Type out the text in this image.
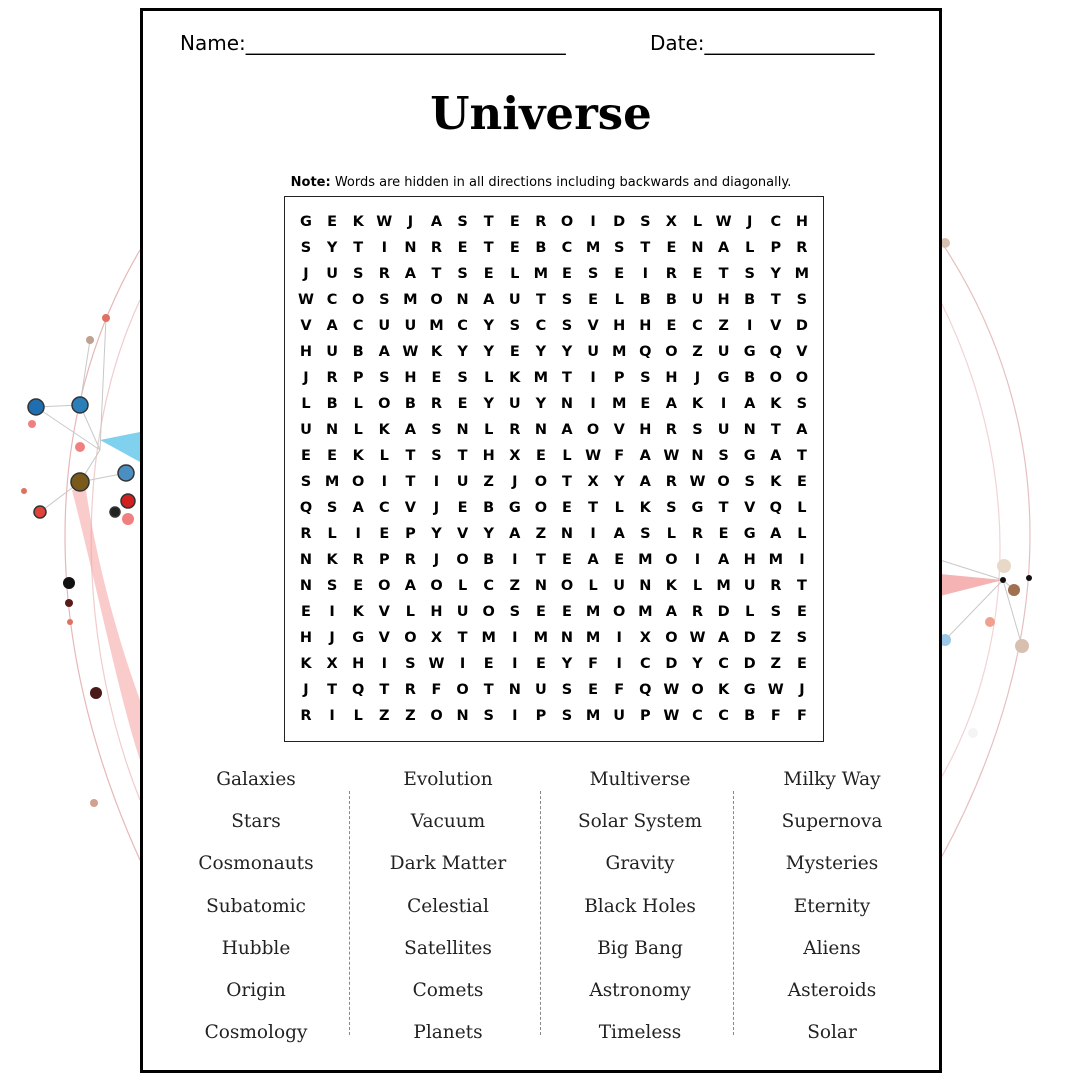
Name:________________________________	Date:_________________
Universe
Note: Words are hidden in all directions including backwards and diagonally.
G	E	K W	J	A	S	T	E	R O	I	D	S	X	L W	J	C	H
S	Y	T	I	N R	E	T	E	B	C M S	T	E	N A	L	P	R
J	U	S	R	A	T	S	E	L M E	S	E	I	R	E	T	S	Y M
W C	O	S M O N A	U	T	S	E	L	B	B	U H	B	T	S
V	A	C	U U M C	Y	S	C	S	V H H	E	C	Z	I	V D
H U	B	A W K	Y	Y	E	Y	Y	U M Q O	Z	U G Q V
J	R	P	S	H	E	S	L	K M T	I	P	S	H	J	G	B O O
L	B	L	O B	R	E	Y	U	Y	N	I	M E	A	K	I	A	K	S
U N	L	K	A	S	N	L	R N A O V H R	S	U N	T	A
E	E	K	L	T	S	T	H X	E	L W F	A W N	S	G	A	T
S M O	I	T	I	U	Z	J	O	T	X	Y	A	R W O	S	K	E
Q	S	A	C	V	J	E	B	G O	E	T	L	K	S	G	T	V Q	L
R	L	I	E	P	Y	V	Y	A	Z	N	I	A	S	L	R	E	G	A	L
N K	R	P	R	J	O B	I	T	E	A	E M O	I	A H M	I
N	S	E	O A O	L	C	Z	N O	L	U N K	L M U	R	T
E	I	K	V	L	H U O	S	E	E M O M A	R D	L	S	E
H	J	G	V O X	T M	I	M N M	I	X O W A D	Z	S
K	X H	I	S W	I	E	I	E	Y	F	I	C	D	Y	C	D	Z	E
J	T	Q	T	R	F	O	T	N U	S	E	F	Q W O K	G W	J
R	I	L	Z	Z	O N	S	I	P	S M U	P W C	C	B	F	F
Galaxies
Stars
Cosmonauts
Subatomic
Hubble
Origin
Cosmology
Evolution
Vacuum
Dark Matter
Celestial
Satellites
Comets
Planets
Multiverse
Solar System
Gravity
Black Holes
Big Bang
Astronomy
Timeless
Milky Way
Supernova
Mysteries
Eternity
Aliens
Asteroids
Solar
